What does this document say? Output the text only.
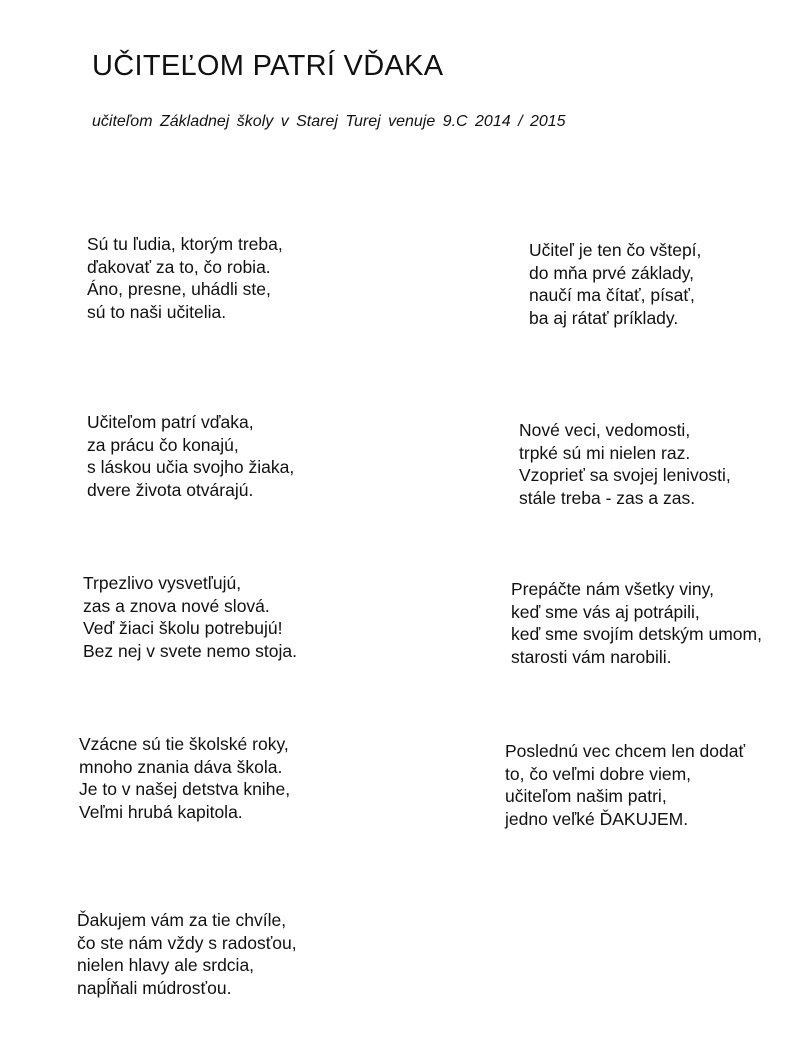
UČITEĽOM PATRÍ VĎAKA
učiteľom Základnej školy v Starej Turej venuje 9.C 2014 / 2015
Sú tu ľudia, ktorým treba,
ďakovať za to, čo robia.
Áno, presne, uhádli ste,
sú to naši učitelia.
Učiteľom patrí vďaka,
za prácu čo konajú,
s láskou učia svojho žiaka,
dvere života otvárajú.
Trpezlivo vysvetľujú,
zas a znova nové slová.
Veď žiaci školu potrebujú!
Bez nej v svete nemo stoja.
Vzácne sú tie školské roky,
mnoho znania dáva škola.
Je to v našej detstva knihe,
Veľmi hrubá kapitola.
Ďakujem vám za tie chvíle,
čo ste nám vždy s radosťou,
nielen hlavy ale srdcia,
napĺňali múdrosťou.
Učiteľ je ten čo vštepí,
do mňa prvé základy,
naučí ma čítať, písať,
ba aj rátať príklady.
Nové veci, vedomosti,
trpké sú mi nielen raz.
Vzoprieť sa svojej lenivosti,
stále treba - zas a zas.
Prepáčte nám všetky viny,
keď sme vás aj potrápili,
keď sme svojím detským umom,
starosti vám narobili.
Poslednú vec chcem len dodať
to, čo veľmi dobre viem,
učiteľom našim patri,
jedno veľké ĎAKUJEM.
